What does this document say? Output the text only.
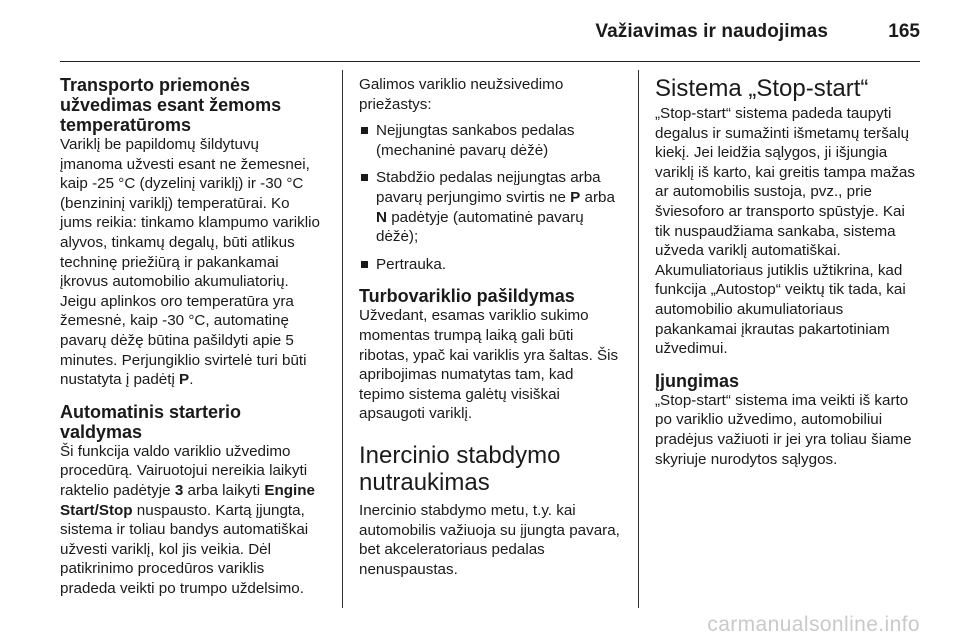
Važiavimas ir naudojimas	165
Transporto priemonės užvedimas esant žemoms temperatūroms

Variklį be papildomų šildytuvų įmanoma užvesti esant ne žemesnei, kaip -25 °C (dyzelinį variklį) ir -30 °C (benzininį variklį) temperatūrai. Ko jums reikia: tinkamo klampumo variklio alyvos, tinkamų degalų, būti atlikus techninę priežiūrą ir pakankamai įkrovus automobilio akumuliatorių. Jeigu aplinkos oro temperatūra yra žemesnė, kaip -30 °C, automatinę pavarų dėžę būtina pašildyti apie 5 minutes. Perjungiklio svirtelė turi būti nustatyta į padėtį P.

Automatinis starterio valdymas

Ši funkcija valdo variklio užvedimo procedūrą. Vairuotojui nereikia laikyti raktelio padėtyje 3 arba laikyti Engine Start/Stop nuspausto. Kartą įjungta, sistema ir toliau bandys automatiškai užvesti variklį, kol jis veikia. Dėl patikrinimo procedūros variklis pradeda veikti po trumpo uždelsimo.

Galimos variklio neužsivedimo priežastys:

Neįjungtas sankabos pedalas (mechaninė pavarų dėžė)
Stabdžio pedalas neįjungtas arba pavarų perjungimo svirtis ne P arba N padėtyje (automatinė pavarų dėžė);
Pertrauka.
Turbovariklio pašildymas

Užvedant, esamas variklio sukimo momentas trumpą laiką gali būti ribotas, ypač kai variklis yra šaltas. Šis apribojimas numatytas tam, kad tepimo sistema galėtų visiškai apsaugoti variklį.

Inercinio stabdymo nutraukimas

Inercinio stabdymo metu, t.y. kai automobilis važiuoja su įjungta pavara, bet akceleratoriaus pedalas nenuspaustas.

Sistema „Stop-start“

„Stop-start“ sistema padeda taupyti degalus ir sumažinti išmetamų teršalų kiekį. Jei leidžia sąlygos, ji išjungia variklį iš karto, kai greitis tampa mažas ar automobilis sustoja, pvz., prie šviesoforo ar transporto spūstyje. Kai tik nuspaudžiama sankaba, sistema užveda variklį automatiškai. Akumuliatoriaus jutiklis užtikrina, kad funkcija „Autostop“ veiktų tik tada, kai automobilio akumuliatoriaus pakankamai įkrautas pakartotiniam užvedimui.

Įjungimas

„Stop-start“ sistema ima veikti iš karto po variklio užvedimo, automobiliui pradėjus važiuoti ir jei yra toliau šiame skyriuje nurodytos sąlygos.

carmanualsonline.info
